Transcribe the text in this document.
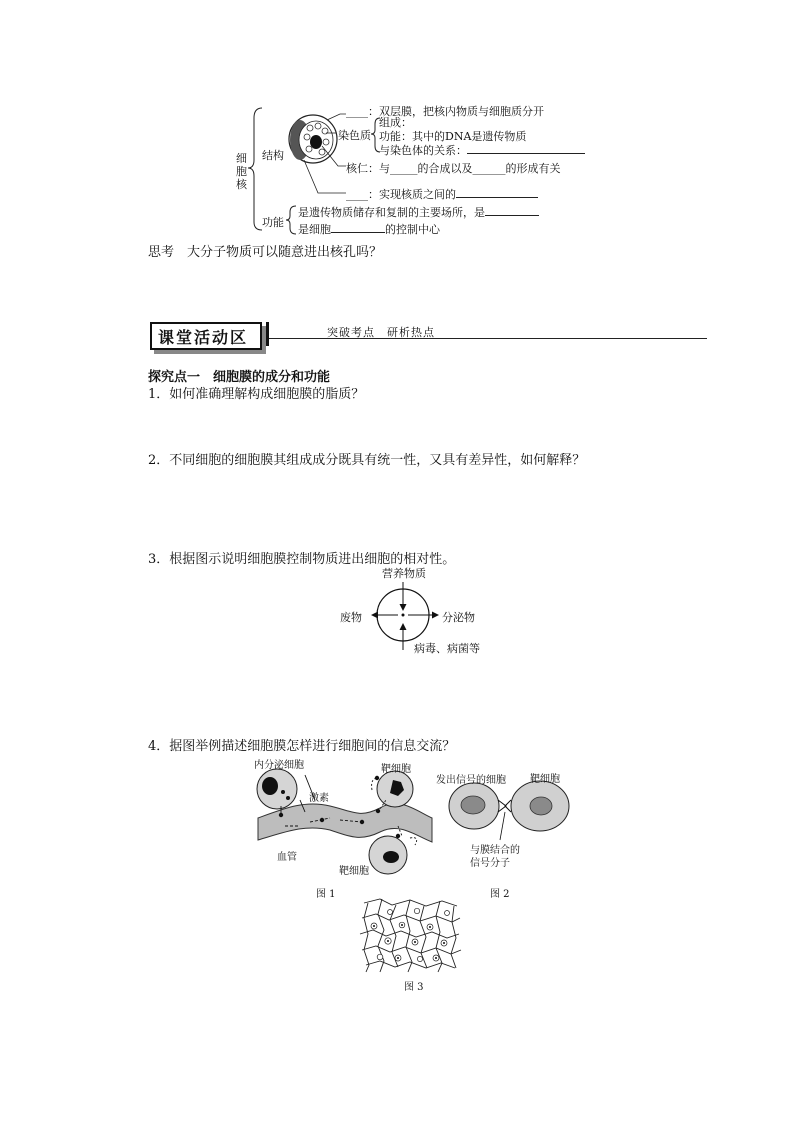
细胞核
结构
功能
____：双层膜，把核内物质与细胞质分开
染色质
组成：
功能：其中的DNA是遗传物质
与染色体的关系：
核仁：与_____的合成以及______的形成有关
____：实现核质之间的
是遗传物质储存和复制的主要场所，是
是细胞	的控制中心
思考　大分子物质可以随意进出核孔吗？
课堂活动区	突破考点　研析热点
探究点一　细胞膜的成分和功能
1．如何准确理解构成细胞膜的脂质？
2．不同细胞的细胞膜其组成成分既具有统一性，又具有差异性，如何解释？
3．根据图示说明细胞膜控制物质进出细胞的相对性。
营养物质
废物	分泌物
病毒、病菌等
4．据图举例描述细胞膜怎样进行细胞间的信息交流？
内分泌细胞	靶细胞
激素
血管
靶细胞
图 1
发出信号的细胞 靶细胞
与膜结合的
信号分子
图 2
图 3
